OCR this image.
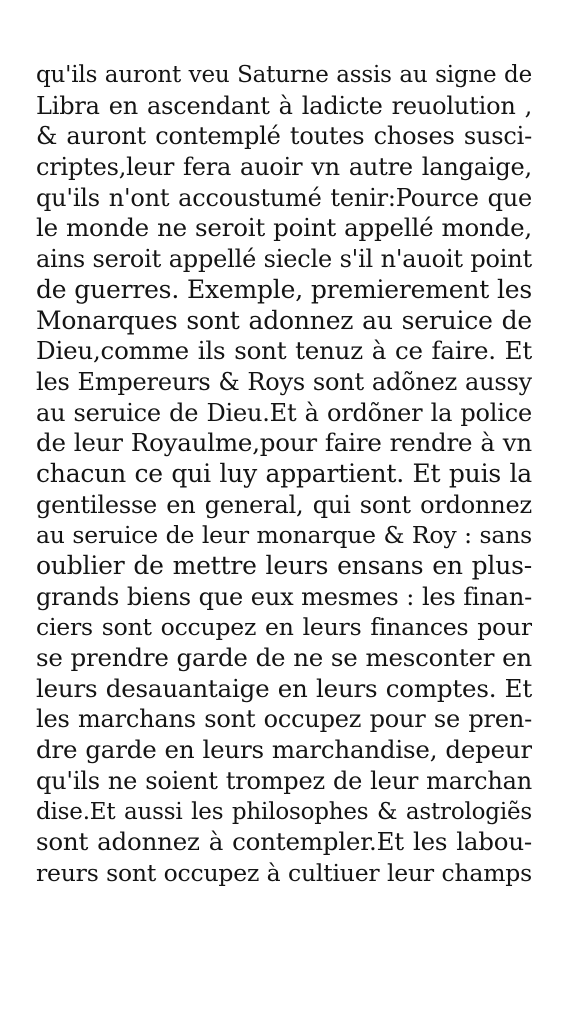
qu'ils auront veu Saturne assis au signe de
Libra en ascendant à ladicte reuolution ,
& auront contemplé toutes choses susci-
criptes,leur fera auoir vn autre langaige,
qu'ils n'ont accoustumé tenir:Pource que
le monde ne seroit point appellé monde,
ains seroit appellé siecle s'il n'auoit point
de guerres. Exemple, premierement les
Monarques sont adonnez au seruice de
Dieu,comme ils sont tenuz à ce faire. Et
les Empereurs & Roys sont adõnez aussy
au seruice de Dieu.Et à ordõner la police
de leur Royaulme,pour faire rendre à vn
chacun ce qui luy appartient. Et puis la
gentilesse en general, qui sont ordonnez
au seruice de leur monarque & Roy : sans
oublier de mettre leurs ensans en plus-
grands biens que eux mesmes : les finan-
ciers sont occupez en leurs finances pour
se prendre garde de ne se mesconter en
leurs desauantaige en leurs comptes. Et
les marchans sont occupez pour se pren-
dre garde en leurs marchandise, depeur
qu'ils ne soient trompez de leur marchan
dise.Et aussi les philosophes & astrologiẽs
sont adonnez à contempler.Et les labou-
reurs sont occupez à cultiuer leur champs
